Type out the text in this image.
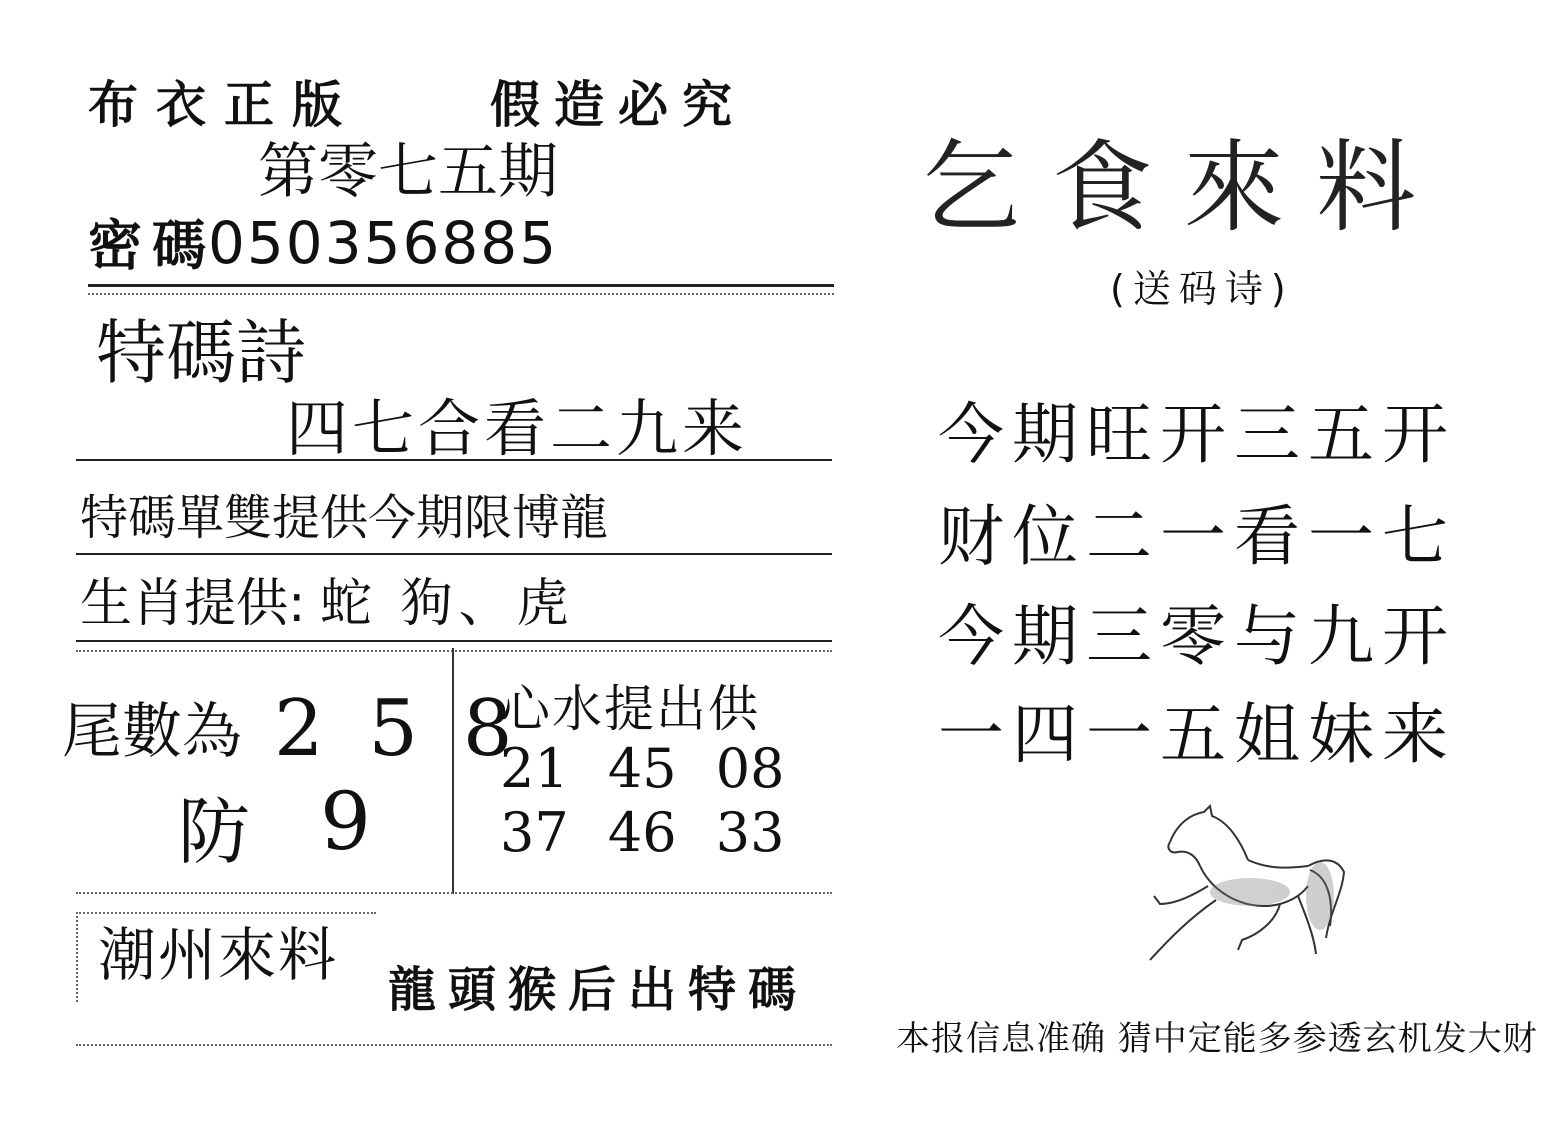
布衣正版	假造必究
第零七五期
密碼
050356885
特碼詩
四七合看二九来
特碼單雙提供今期限博龍
生肖提供: 蛇 狗、虎
尾數為 2 5 8
防 9
心水提出供
21 45 08
37 46 33
潮州來料
龍頭猴后出特碼
乞食來料
(送码诗)
今期旺开三五开
财位二一看一七
今期三零与九开
一四一五姐妹来
本报信息准确 猜中定能多参透玄机发大财
